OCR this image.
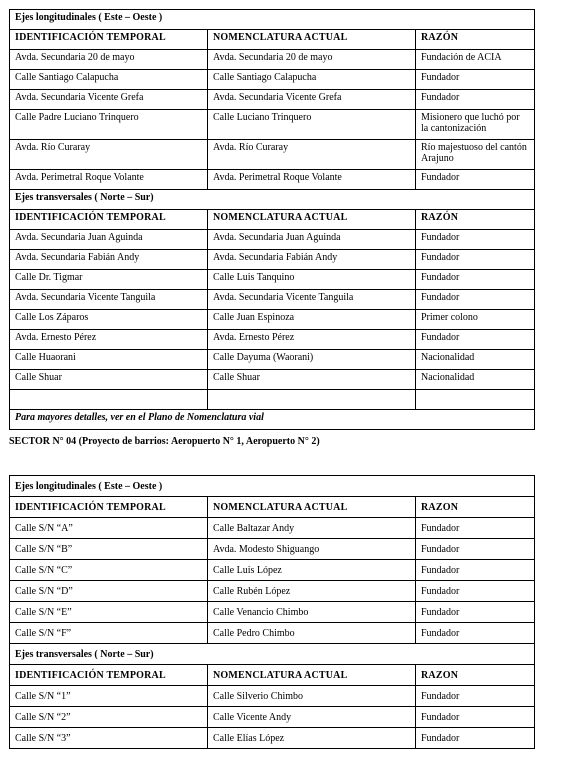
Ejes longitudinales ( Este – Oeste )		
IDENTIFICACIÓN TEMPORAL	NOMENCLATURA ACTUAL	RAZÓN
Avda. Secundaria 20 de mayo	Avda. Secundaria 20 de mayo	Fundación de ACIA
Calle Santiago Calapucha	Calle Santiago Calapucha	Fundador
Avda. Secundaria Vicente Grefa	Avda. Secundaria Vicente Grefa	Fundador
Calle Padre Luciano Trinquero	Calle Luciano Trinquero	Misionero que luchó por la cantonización
Avda. Río Curaray	Avda. Río Curaray	Río majestuoso del cantón Arajuno
Avda. Perimetral Roque Volante	Avda. Perimetral Roque Volante	Fundador
Ejes transversales ( Norte – Sur)		
IDENTIFICACIÓN TEMPORAL	NOMENCLATURA ACTUAL	RAZÓN
Avda. Secundaria Juan Aguinda	Avda. Secundaria Juan Aguinda	Fundador
Avda. Secundaria Fabián Andy	Avda. Secundaria Fabián Andy	Fundador
Calle Dr. Tigmar	Calle Luis Tanquino	Fundador
Avda. Secundaria Vicente Tanguila	Avda. Secundaria Vicente Tanguila	Fundador
Calle Los Záparos	Calle Juan Espinoza	Primer colono
Avda. Ernesto Pérez	Avda. Ernesto Pérez	Fundador
Calle Huaorani	Calle Dayuma (Waorani)	Nacionalidad
Calle Shuar	Calle Shuar	Nacionalidad

Para mayores detalles, ver en el Plano de Nomenclatura vial		
SECTOR N° 04 (Proyecto de barrios: Aeropuerto N° 1, Aeropuerto N° 2)
Ejes longitudinales ( Este – Oeste )		
IDENTIFICACIÓN TEMPORAL	NOMENCLATURA ACTUAL	RAZON
Calle S/N “A”	Calle Baltazar Andy	Fundador
Calle S/N “B”	Avda. Modesto Shiguango	Fundador
Calle S/N “C”	Calle Luis López	Fundador
Calle S/N “D”	Calle Rubén López	Fundador
Calle S/N “E”	Calle Venancio Chimbo	Fundador
Calle S/N “F”	Calle Pedro Chimbo	Fundador
Ejes transversales ( Norte – Sur)		
IDENTIFICACIÓN TEMPORAL	NOMENCLATURA ACTUAL	RAZON
Calle S/N “1”	Calle Silverio Chimbo	Fundador
Calle S/N “2”	Calle Vicente Andy	Fundador
Calle S/N “3”	Calle Elías López	Fundador
